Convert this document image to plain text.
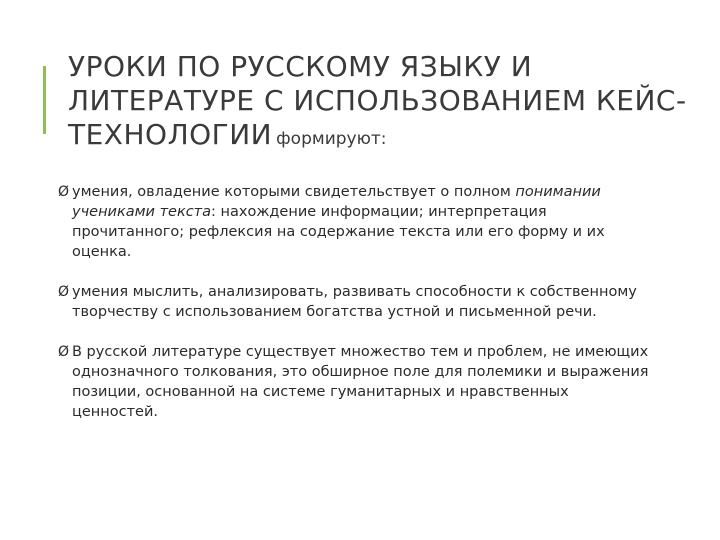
УРОКИ ПО РУССКОМУ ЯЗЫКУ И ЛИТЕРАТУРЕ С ИСПОЛЬЗОВАНИЕМ КЕЙС-ТЕХНОЛОГИИ формируют:
Ø умения, овладение которыми свидетельствует о полном понимании учениками текста: нахождение информации; интерпретация прочитанного; рефлексия на содержание текста или его форму и их оценка.
Ø умения мыслить, анализировать, развивать способности к собственному творчеству с использованием богатства устной и письменной речи.
Ø В русской литературе существует множество тем и проблем, не имеющих однозначного толкования, это обширное поле для полемики и выражения позиции, основанной на системе гуманитарных и нравственных ценностей.
